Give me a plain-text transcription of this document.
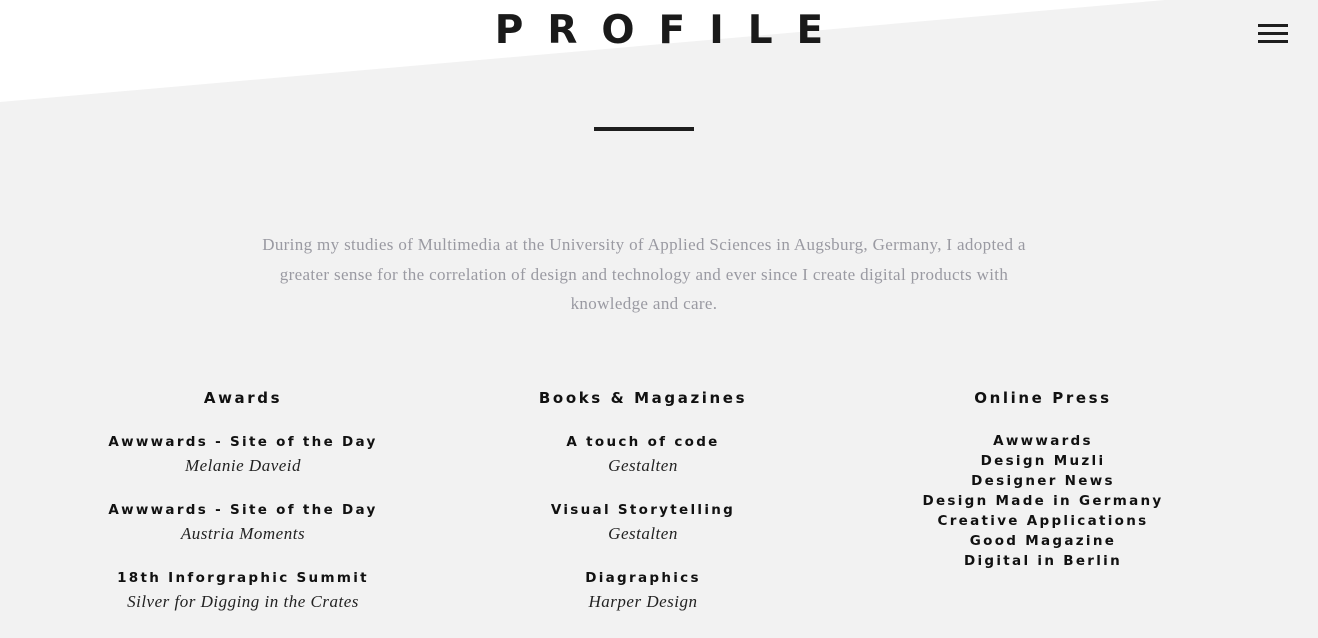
PROFILE

During my studies of Multimedia at the University of Applied Sciences in Augsburg, Germany, I adopted a greater sense for the correlation of design and technology and ever since I create digital products with knowledge and care.

Awards
Awwwards - Site of the Day
Melanie Daveid
Awwwards - Site of the Day
Austria Moments
18th Inforgraphic Summit
Silver for Digging in the Crates
Books & Magazines
A touch of code
Gestalten
Visual Storytelling
Gestalten
Diagraphics
Harper Design
Online Press
Awwwards
Design Muzli
Designer News
Design Made in Germany
Creative Applications
Good Magazine
Digital in Berlin
